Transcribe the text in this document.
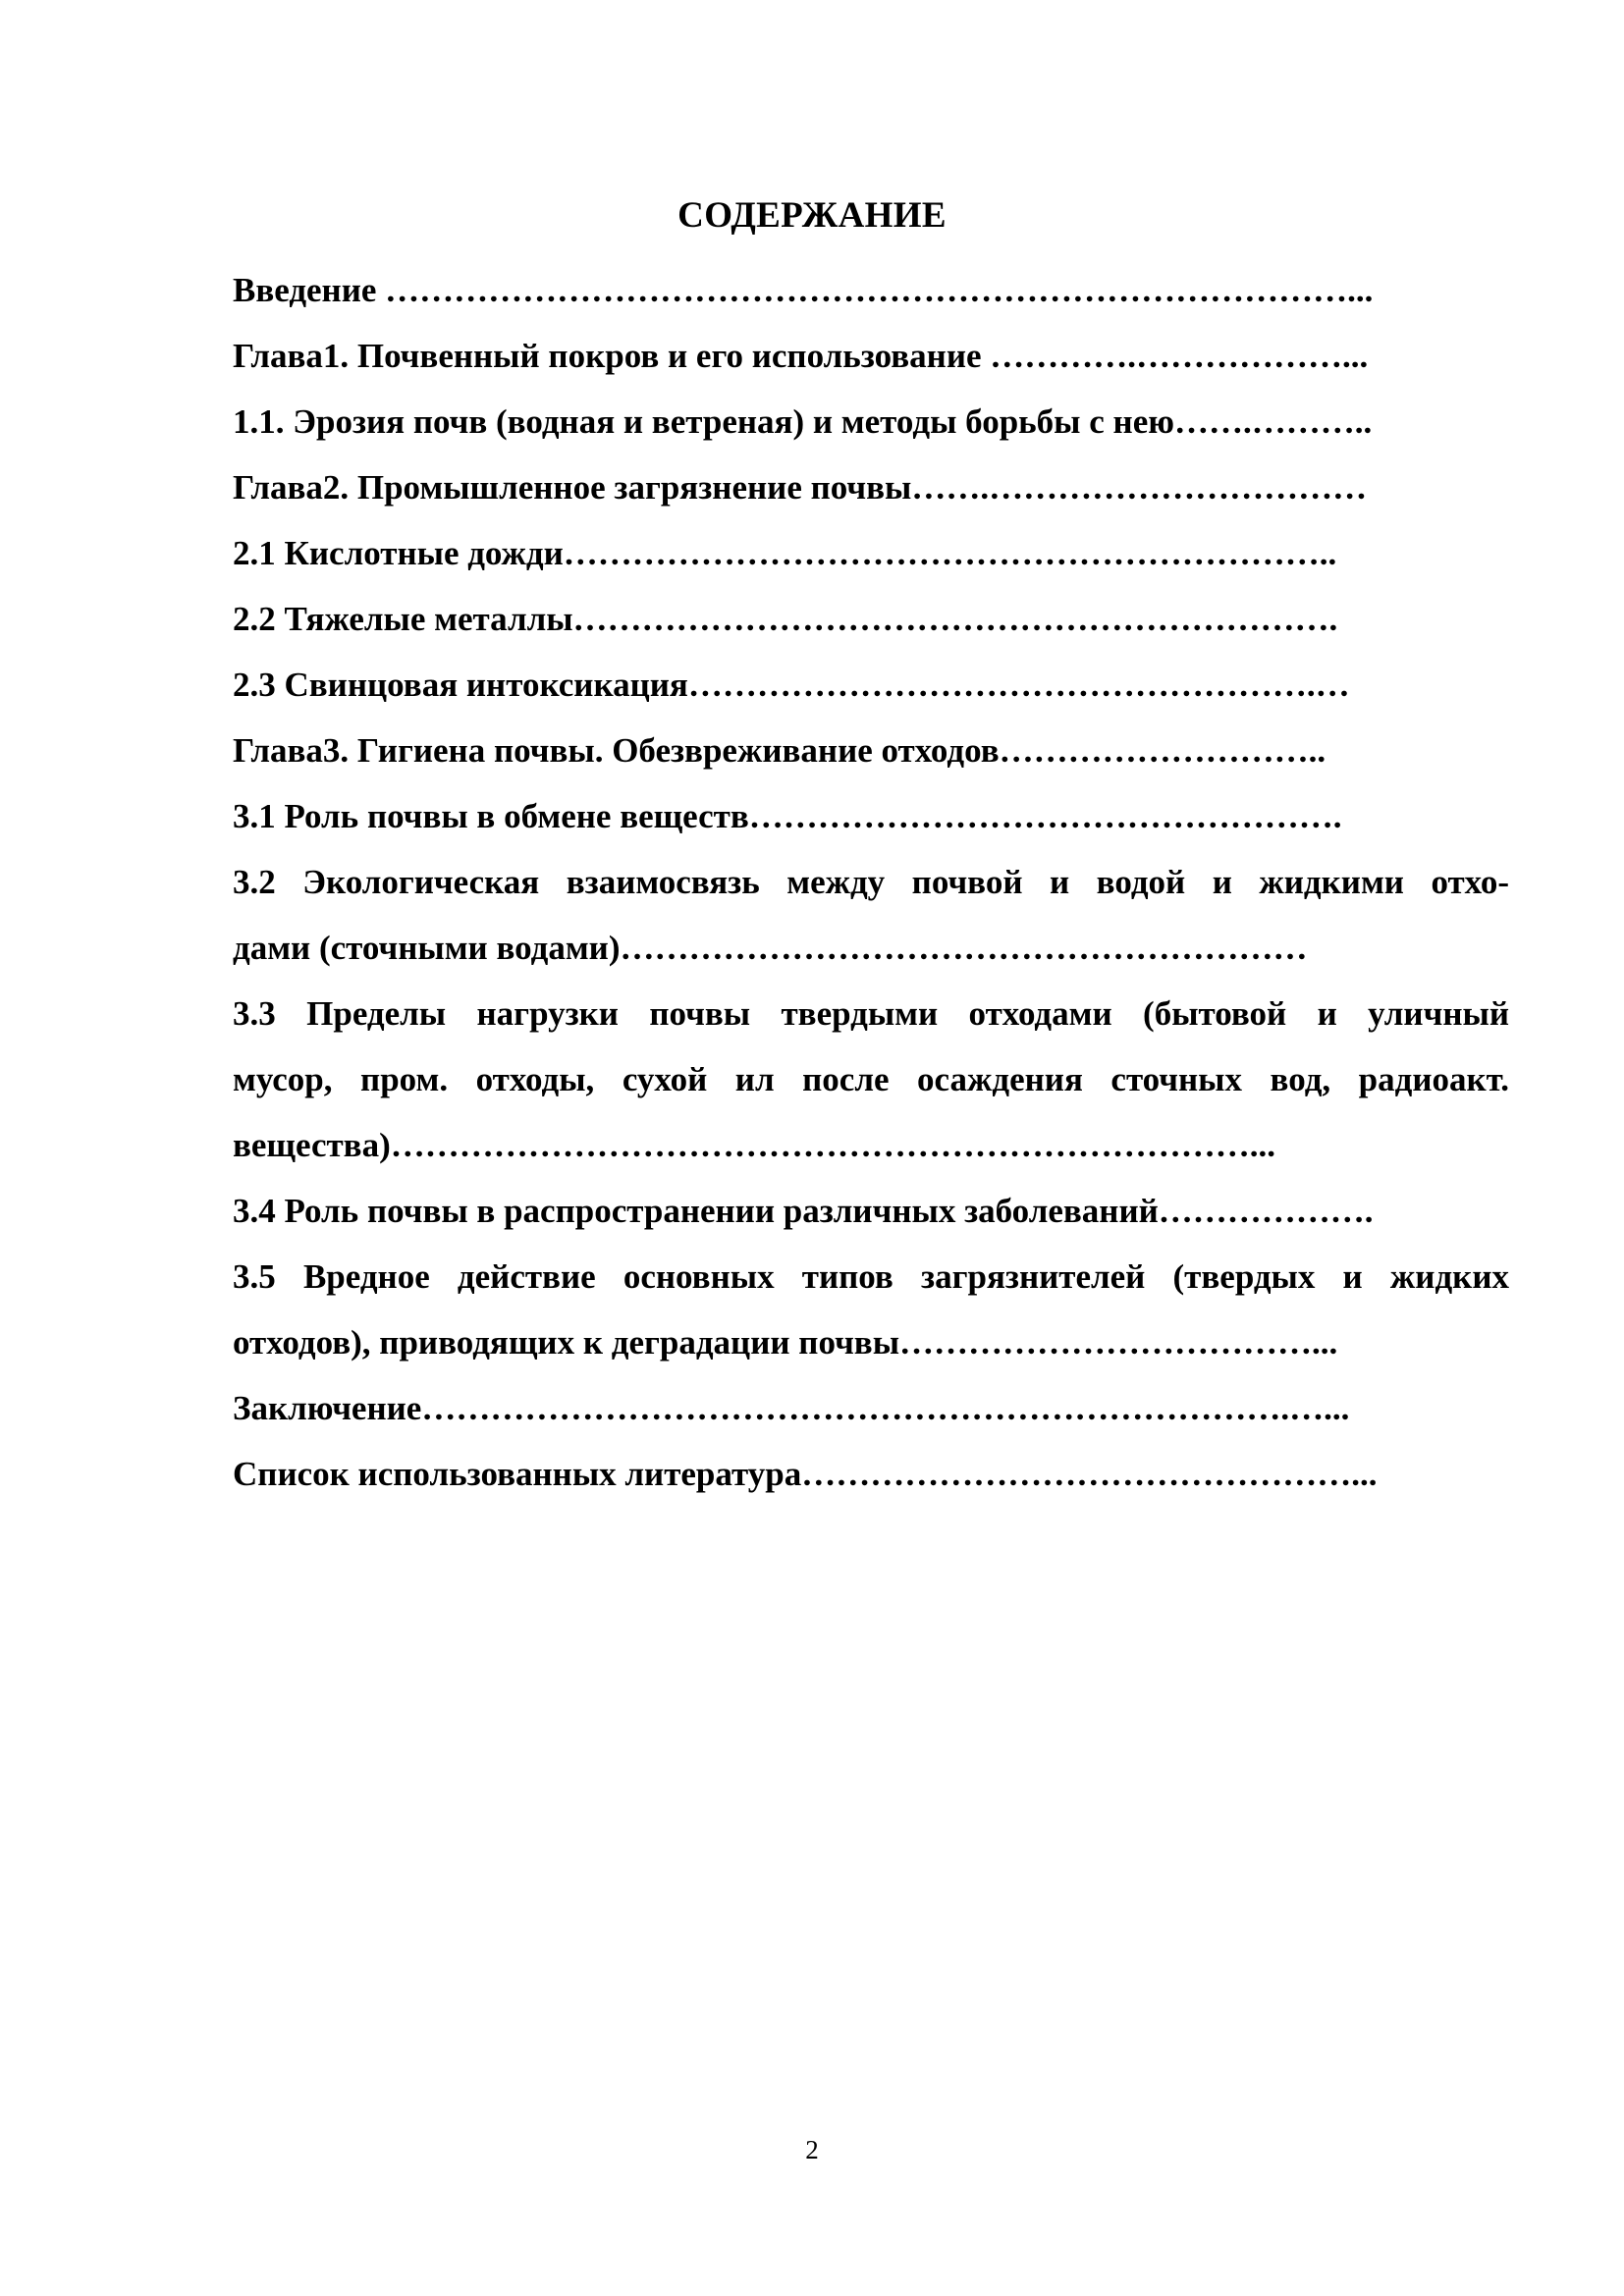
СОДЕРЖАНИЕ
Введение …………………………………………………………………………...
Глава1. Почвенный покров и его использование ………….………………...
1.1. Эрозия почв (водная и ветреная) и методы борьбы с нею…….………..
Глава2. Промышленное загрязнение почвы…….……………………………
2.1 Кислотные дожди…………………………………………………………..
2.2 Тяжелые металлы………………………………………………………….
2.3 Свинцовая интоксикация……………………………………………….…
Глава3. Гигиена почвы. Обезвреживание отходов………………………..
3.1 Роль почвы в обмене веществ…………………………………………….
3.2 Экологическая взаимосвязь между почвой и водой и жидкими отхо-
дами (сточными водами)……………………………………………………
3.3 Пределы нагрузки почвы твердыми отходами (бытовой и уличный
мусор, пром. отходы, сухой ил после осаждения сточных вод, радиоакт.
вещества)…………………………………………………………………...
3.4 Роль почвы в распространении различных заболеваний……………….
3.5 Вредное действие основных типов загрязнителей (твердых и жидких
отходов), приводящих к деградации почвы………………………………...
Заключение………………………………………………………………….…...
Список использованных литература…………………………………………...
2
